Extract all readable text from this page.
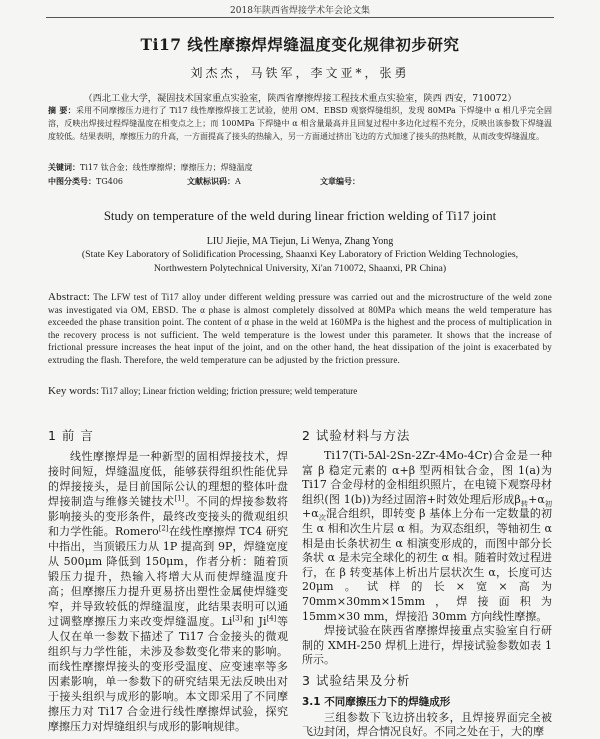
2018年陕西省焊接学术年会论文集
Ti17 线性摩擦焊焊缝温度变化规律初步研究
刘杰杰，马铁军，李文亚*，张勇
（西北工业大学，凝固技术国家重点实验室，陕西省摩擦焊接工程技术重点实验室，陕西 西安，710072）
摘 要：采用不同摩擦压力进行了 Ti17 线性摩擦焊接工艺试验，使用 OM、EBSD 观察焊缝组织，发现 80MPa 下焊缝中 α 相几乎完全固溶，反映出焊接过程焊缝温度在相变点之上；而 100MPa 下焊缝中 α 相含量最高并且回复过程中多边化过程不充分，反映出该参数下焊缝温度较低。结果表明，摩擦压力的升高，一方面提高了接头的热输入，另一方面通过挤出飞边的方式加速了接头的热耗散，从而改变焊缝温度。
关键词：Ti17 钛合金；线性摩擦焊；摩擦压力；焊缝温度
中图分类号：TG406	文献标识码：A	文章编号：
Study on temperature of the weld during linear friction welding of Ti17 joint
LIU Jiejie, MA Tiejun, Li Wenya, Zhang Yong
(State Key Laboratory of Solidification Processing, Shaanxi Key Laboratory of Friction Welding Technologies,
Northwestern Polytechnical University, Xi'an 710072, Shaanxi, PR China)
Abstract: The LFW test of Ti17 alloy under different welding pressure was carried out and the microstructure of the weld zone was investigated via OM, EBSD. The α phase is almost completely dissolved at 80MPa which means the weld temperature has exceeded the phase transition point. The content of α phase in the weld at 160MPa is the highest and the process of multiplication in the recovery process is not sufficient. The weld temperature is the lowest under this parameter. It shows that the increase of frictional pressure increases the heat input of the joint, and on the other hand, the heat dissipation of the joint is exacerbated by extruding the flash. Therefore, the weld temperature can be adjusted by the friction pressure.
Key words: Ti17 alloy; Linear friction welding; friction pressure; weld temperature
1 前 言

线性摩擦焊是一种新型的固相焊接技术，焊接时间短，焊缝温度低，能够获得组织性能优异的焊接接头，是目前国际公认的理想的整体叶盘焊接制造与维修关键技术[1]。不同的焊接参数将影响接头的变形条件，最终改变接头的微观组织和力学性能。Romero[2]在线性摩擦焊 TC4 研究中指出，当顶锻压力从 1P 提高到 9P，焊缝宽度从 500μm 降低到 150μm，作者分析：随着顶锻压力提升，热输入将增大从而使焊缝温度升高；但摩擦压力提升更易挤出塑性金属使焊缝变窄，并导致较低的焊缝温度，此结果表明可以通过调整摩擦压力来改变焊缝温度。Li[3]和 Ji[4]等人仅在单一参数下描述了 Ti17 合金接头的微观组织与力学性能，未涉及参数变化带来的影响。而线性摩擦焊接头的变形受温度、应变速率等多因素影响，单一参数下的研究结果无法反映出对于接头组织与成形的影响。本文即采用了不同摩擦压力对 Ti17 合金进行线性摩擦焊试验，探究摩擦压力对焊缝组织与成形的影响规律。

2 试验材料与方法

Ti17(Ti-5Al-2Sn-2Zr-4Mo-4Cr)合金是一种富 β 稳定元素的 α+β 型两相钛合金，图 1(a)为 Ti17 合金母材的金相组织照片，在电镜下观察母材组织(图 1(b))为经过固溶+时效处理后形成$\beta_转+\alpha_初+\alpha_次$混合组织，即转变 β 基体上分布一定数量的初生 α 相和次生片层 α 相。为双态组织，等轴初生 α 相是由长条状初生 α 相演变形成的，而图中部分长条状 α 是未完全球化的初生 α 相。随着时效过程进行，在 β 转变基体上析出片层状次生 α，长度可达 20μm。试样的长×宽×高为 70mm×30mm×15mm，焊接面积为 15mm×30 mm，焊接沿 30mm 方向线性摩擦。

焊接试验在陕西省摩擦焊接重点实验室自行研制的 XMH-250 焊机上进行，焊接试验参数如表 1 所示。

3 试验结果及分析
3.1 不同摩擦压力下的焊缝成形

三组参数下飞边挤出较多，且焊接界面完全被飞边封闭，焊合情况良好。不同之处在于，大的摩
